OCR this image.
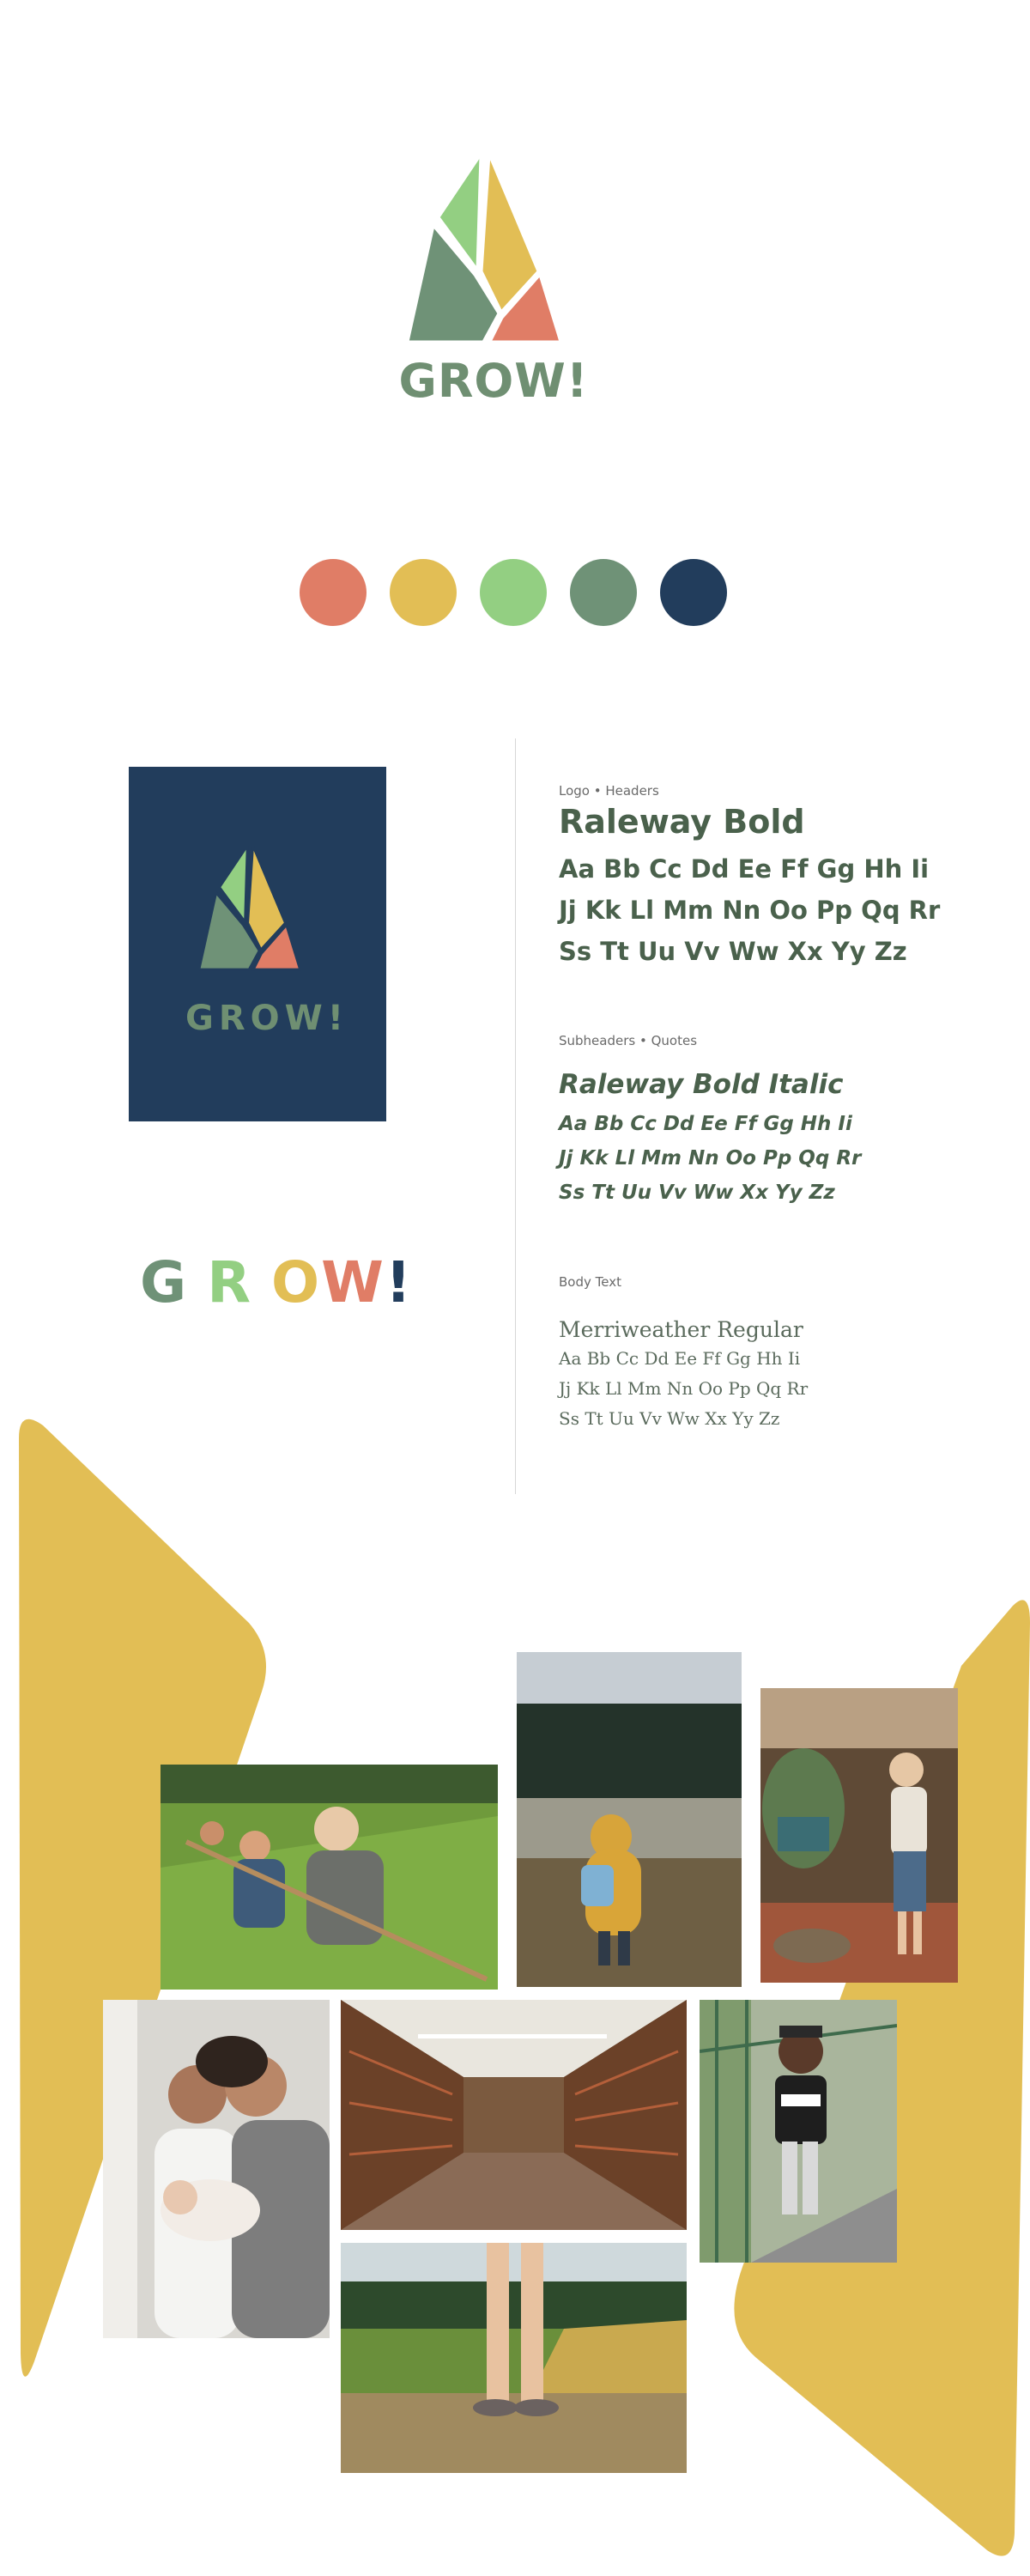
GROW!
GROW!
G R OW!
Logo • Headers
Raleway Bold
Aa Bb Cc Dd Ee Ff Gg Hh Ii
Jj Kk Ll Mm Nn Oo Pp Qq Rr
Ss Tt Uu Vv Ww Xx Yy Zz
Subheaders • Quotes
Raleway Bold Italic
Aa Bb Cc Dd Ee Ff Gg Hh Ii
Jj Kk Ll Mm Nn Oo Pp Qq Rr
Ss Tt Uu Vv Ww Xx Yy Zz
Body Text
Merriweather Regular
Aa Bb Cc Dd Ee Ff Gg Hh Ii
Jj Kk Ll Mm Nn Oo Pp Qq Rr
Ss Tt Uu Vv Ww Xx Yy Zz
